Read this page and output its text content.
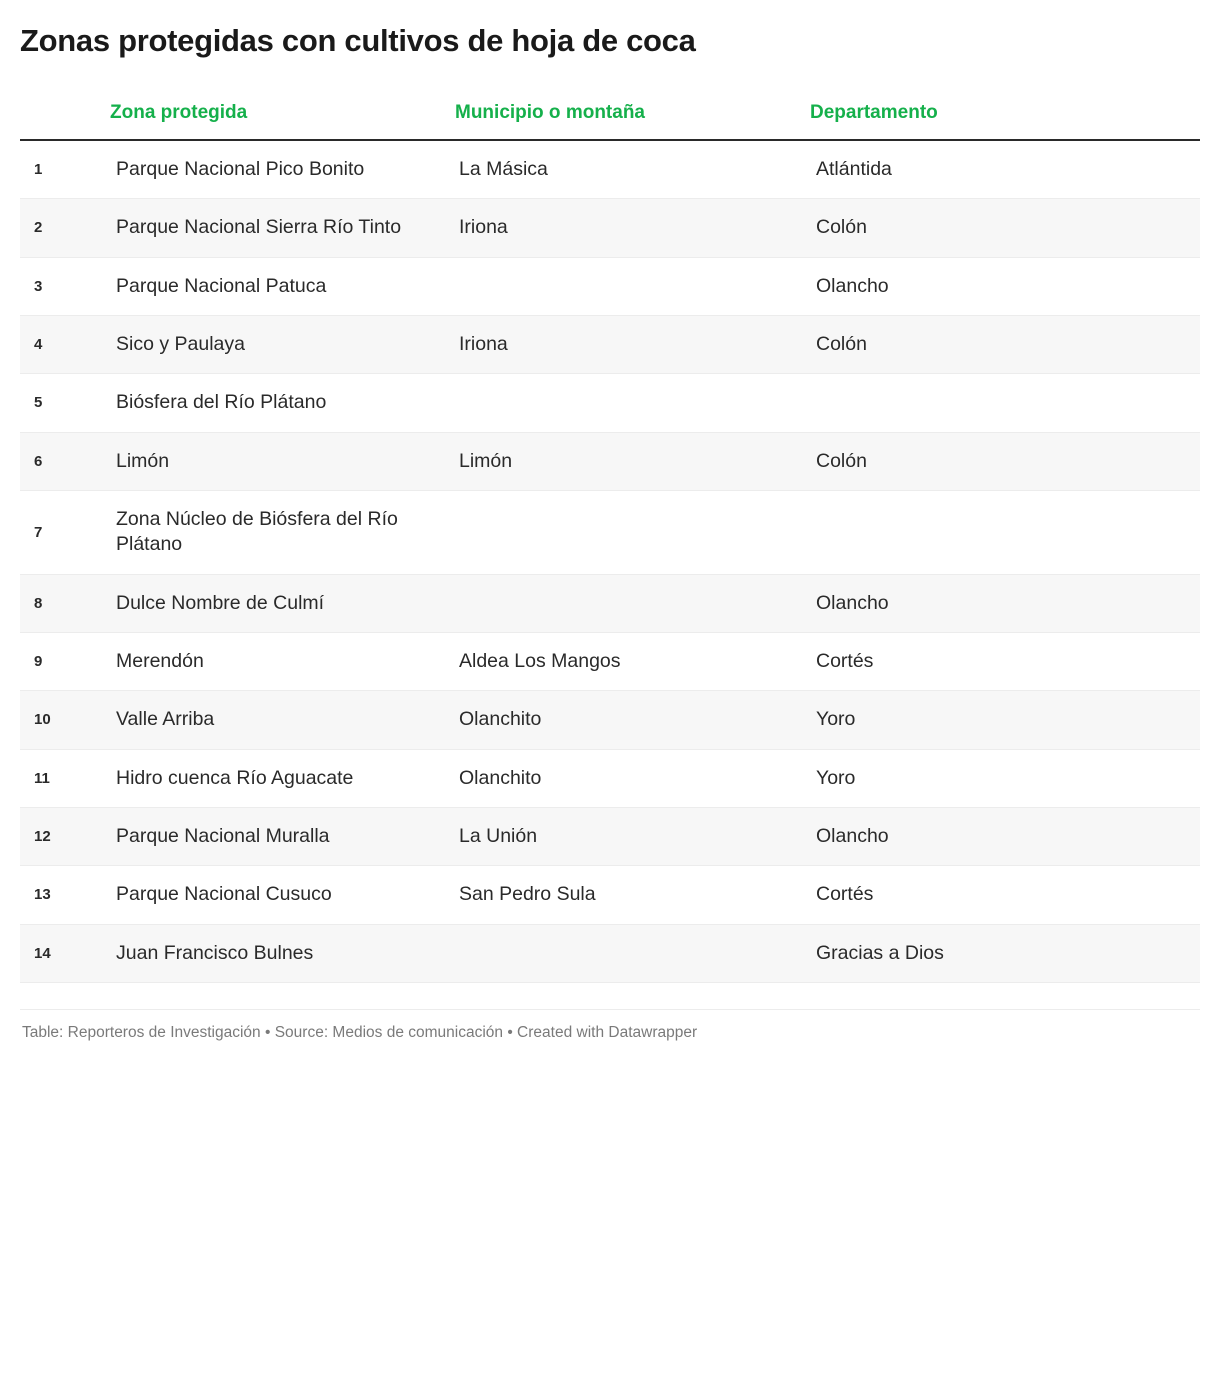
Zonas protegidas con cultivos de hoja de coca
	Zona protegida	Municipio o montaña	Departamento
1	Parque Nacional Pico Bonito	La Másica	Atlántida
2	Parque Nacional Sierra Río Tinto	Iriona	Colón
3	Parque Nacional Patuca		Olancho
4	Sico y Paulaya	Iriona	Colón
5	Biósfera del Río Plátano		
6	Limón	Limón	Colón
7	Zona Núcleo de Biósfera del Río Plátano		
8	Dulce Nombre de Culmí		Olancho
9	Merendón	Aldea Los Mangos	Cortés
10	Valle Arriba	Olanchito	Yoro
11	Hidro cuenca Río Aguacate	Olanchito	Yoro
12	Parque Nacional Muralla	La Unión	Olancho
13	Parque Nacional Cusuco	San Pedro Sula	Cortés
14	Juan Francisco Bulnes		Gracias a Dios
Table: Reporteros de Investigación • Source: Medios de comunicación • Created with Datawrapper
